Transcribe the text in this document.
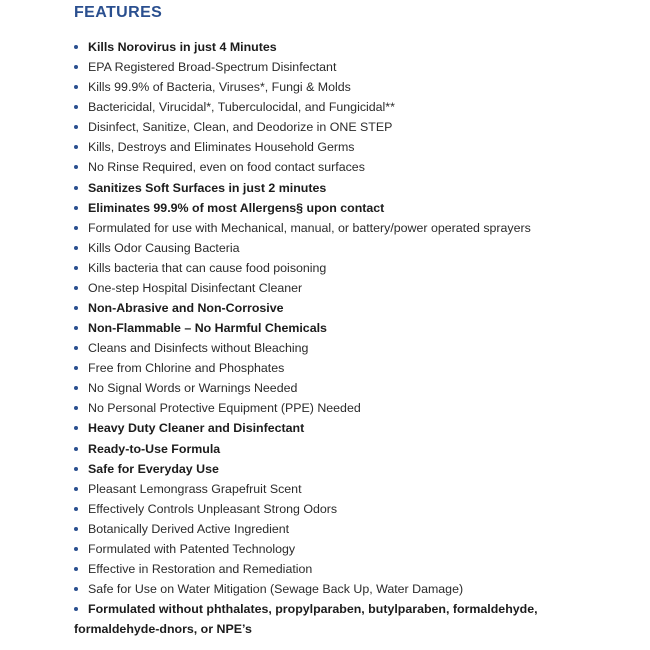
FEATURES
Kills Norovirus in just 4 Minutes
EPA Registered Broad-Spectrum Disinfectant
Kills 99.9% of Bacteria, Viruses*, Fungi & Molds
Bactericidal, Virucidal*, Tuberculocidal, and Fungicidal**
Disinfect, Sanitize, Clean, and Deodorize in ONE STEP
Kills, Destroys and Eliminates Household Germs
No Rinse Required, even on food contact surfaces
Sanitizes Soft Surfaces in just 2 minutes
Eliminates 99.9% of most Allergens§ upon contact
Formulated for use with Mechanical, manual, or battery/power operated sprayers
Kills Odor Causing Bacteria
Kills bacteria that can cause food poisoning
One-step Hospital Disinfectant Cleaner
Non-Abrasive and Non-Corrosive
Non-Flammable – No Harmful Chemicals
Cleans and Disinfects without Bleaching
Free from Chlorine and Phosphates
No Signal Words or Warnings Needed
No Personal Protective Equipment (PPE) Needed
Heavy Duty Cleaner and Disinfectant
Ready-to-Use Formula
Safe for Everyday Use
Pleasant Lemongrass Grapefruit Scent
Effectively Controls Unpleasant Strong Odors
Botanically Derived Active Ingredient
Formulated with Patented Technology
Effective in Restoration and Remediation
Safe for Use on Water Mitigation (Sewage Back Up, Water Damage)
Formulated without phthalates, propylparaben, butylparaben, formaldehyde, formaldehyde-dnors, or NPE’s
